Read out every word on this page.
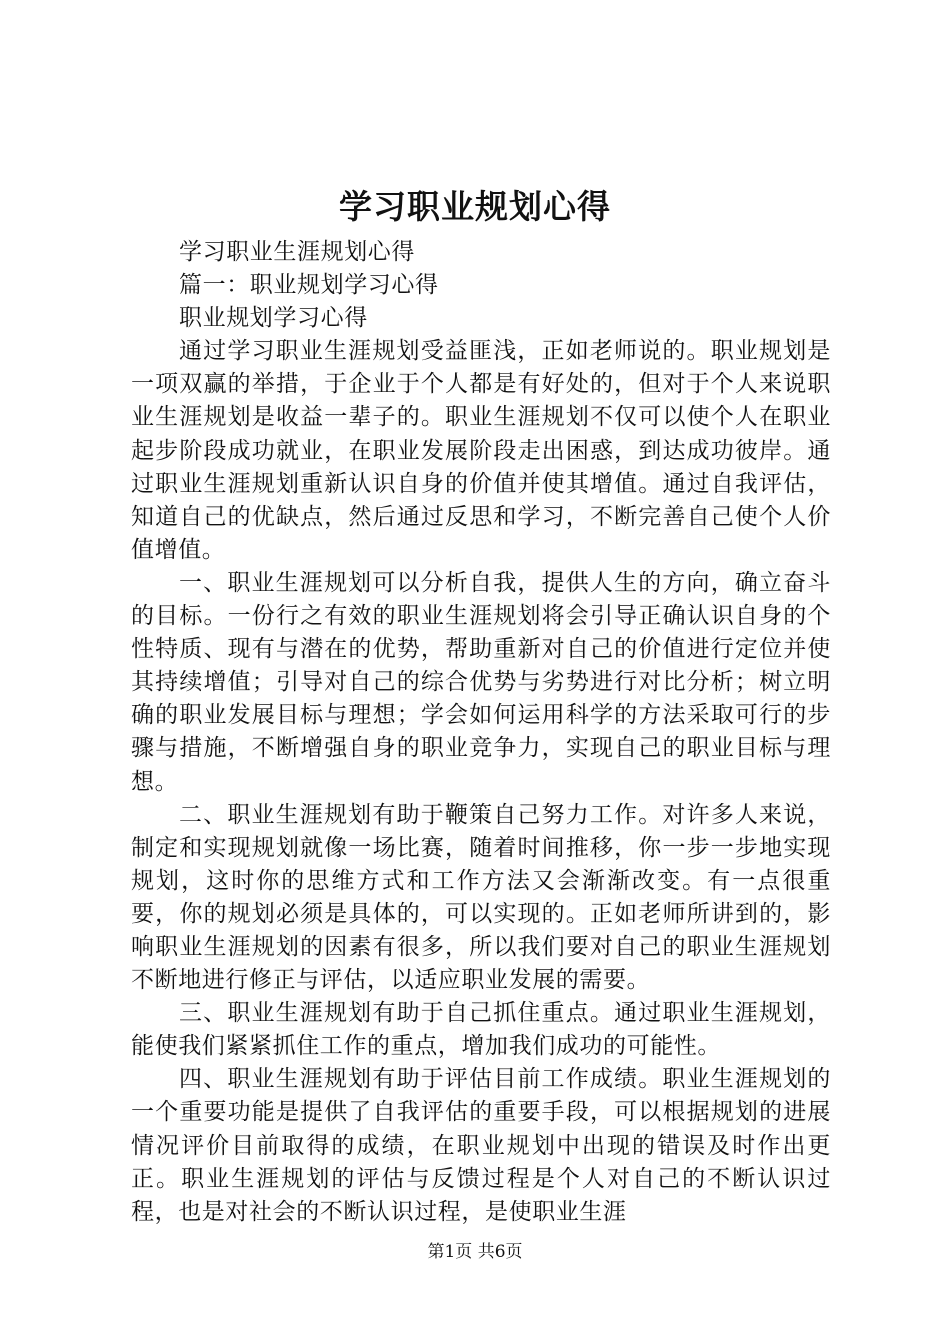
学习职业规划心得
学习职业生涯规划心得
篇一：职业规划学习心得
职业规划学习心得

通过学习职业生涯规划受益匪浅，正如老师说的。职业规划是一项双赢的举措，于企业于个人都是有好处的，但对于个人来说职业生涯规划是收益一辈子的。职业生涯规划不仅可以使个人在职业起步阶段成功就业，在职业发展阶段走出困惑，到达成功彼岸。通过职业生涯规划重新认识自身的价值并使其增值。通过自我评估，知道自己的优缺点，然后通过反思和学习，不断完善自己使个人价值增值。

一、职业生涯规划可以分析自我，提供人生的方向，确立奋斗的目标。一份行之有效的职业生涯规划将会引导正确认识自身的个性特质、现有与潜在的优势，帮助重新对自己的价值进行定位并使其持续增值；引导对自己的综合优势与劣势进行对比分析；树立明确的职业发展目标与理想；学会如何运用科学的方法采取可行的步骤与措施，不断增强自身的职业竞争力，实现自己的职业目标与理想。

二、职业生涯规划有助于鞭策自己努力工作。对许多人来说，制定和实现规划就像一场比赛，随着时间推移，你一步一步地实现规划，这时你的思维方式和工作方法又会渐渐改变。有一点很重要，你的规划必须是具体的，可以实现的。正如老师所讲到的，影响职业生涯规划的因素有很多，所以我们要对自己的职业生涯规划不断地进行修正与评估，以适应职业发展的需要。

三、职业生涯规划有助于自己抓住重点。通过职业生涯规划，能使我们紧紧抓住工作的重点，增加我们成功的可能性。

四、职业生涯规划有助于评估目前工作成绩。职业生涯规划的一个重要功能是提供了自我评估的重要手段，可以根据规划的进展情况评价目前取得的成绩，在职业规划中出现的错误及时作出更正。职业生涯规划的评估与反馈过程是个人对自己的不断认识过程，也是对社会的不断认识过程，是使职业生涯

第1页 共6页
